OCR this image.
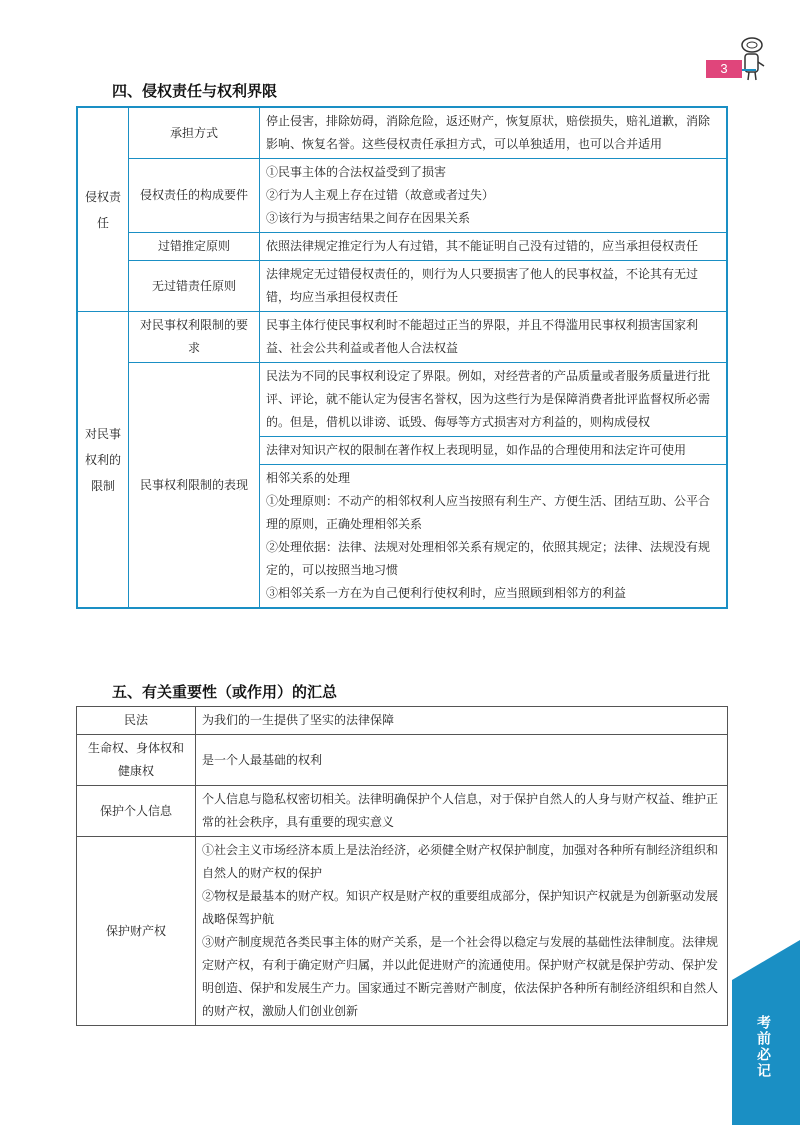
3
四、侵权责任与权利界限
侵权责任	承担方式	停止侵害，排除妨碍，消除危险，返还财产，恢复原状，赔偿损失，赔礼道歉，消除影响、恢复名誉。这些侵权责任承担方式，可以单独适用，也可以合并适用

	侵权责任的构成要件	①民事主体的合法权益受到了损害
②行为人主观上存在过错（故意或者过失）
③该行为与损害结果之间存在因果关系

	过错推定原则	依照法律规定推定行为人有过错，其不能证明自己没有过错的，应当承担侵权责任

	无过错责任原则	法律规定无过错侵权责任的，则行为人只要损害了他人的民事权益，不论其有无过错，均应当承担侵权责任

对民事权利的限制	对民事权利限制的要求	民事主体行使民事权利时不能超过正当的界限，并且不得滥用民事权利损害国家利益、社会公共利益或者他人合法权益

	民事权利限制的表现	民法为不同的民事权利设定了界限。例如，对经营者的产品质量或者服务质量进行批评、评论，就不能认定为侵害名誉权，因为这些行为是保障消费者批评监督权所必需的。但是，借机以诽谤、诋毁、侮辱等方式损害对方利益的，则构成侵权

		法律对知识产权的限制在著作权上表现明显，如作品的合理使用和法定许可使用

		相邻关系的处理
①处理原则：不动产的相邻权利人应当按照有利生产、方便生活、团结互助、公平合理的原则，正确处理相邻关系
②处理依据：法律、法规对处理相邻关系有规定的，依照其规定；法律、法规没有规定的，可以按照当地习惯
③相邻关系一方在为自己便利行使权利时，应当照顾到相邻方的利益
五、有关重要性（或作用）的汇总
民法	为我们的一生提供了坚实的法律保障

生命权、身体权和健康权	是一个人最基础的权利

保护个人信息	个人信息与隐私权密切相关。法律明确保护个人信息，对于保护自然人的人身与财产权益、维护正常的社会秩序，具有重要的现实意义

保护财产权	①社会主义市场经济本质上是法治经济，必须健全财产权保护制度，加强对各种所有制经济组织和自然人的财产权的保护
②物权是最基本的财产权。知识产权是财产权的重要组成部分，保护知识产权就是为创新驱动发展战略保驾护航
③财产制度规范各类民事主体的财产关系，是一个社会得以稳定与发展的基础性法律制度。法律规定财产权，有利于确定财产归属，并以此促进财产的流通使用。保护财产权就是保护劳动、保护发明创造、保护和发展生产力。国家通过不断完善财产制度，依法保护各种所有制经济组织和自然人的财产权，激励人们创业创新
考前必记
